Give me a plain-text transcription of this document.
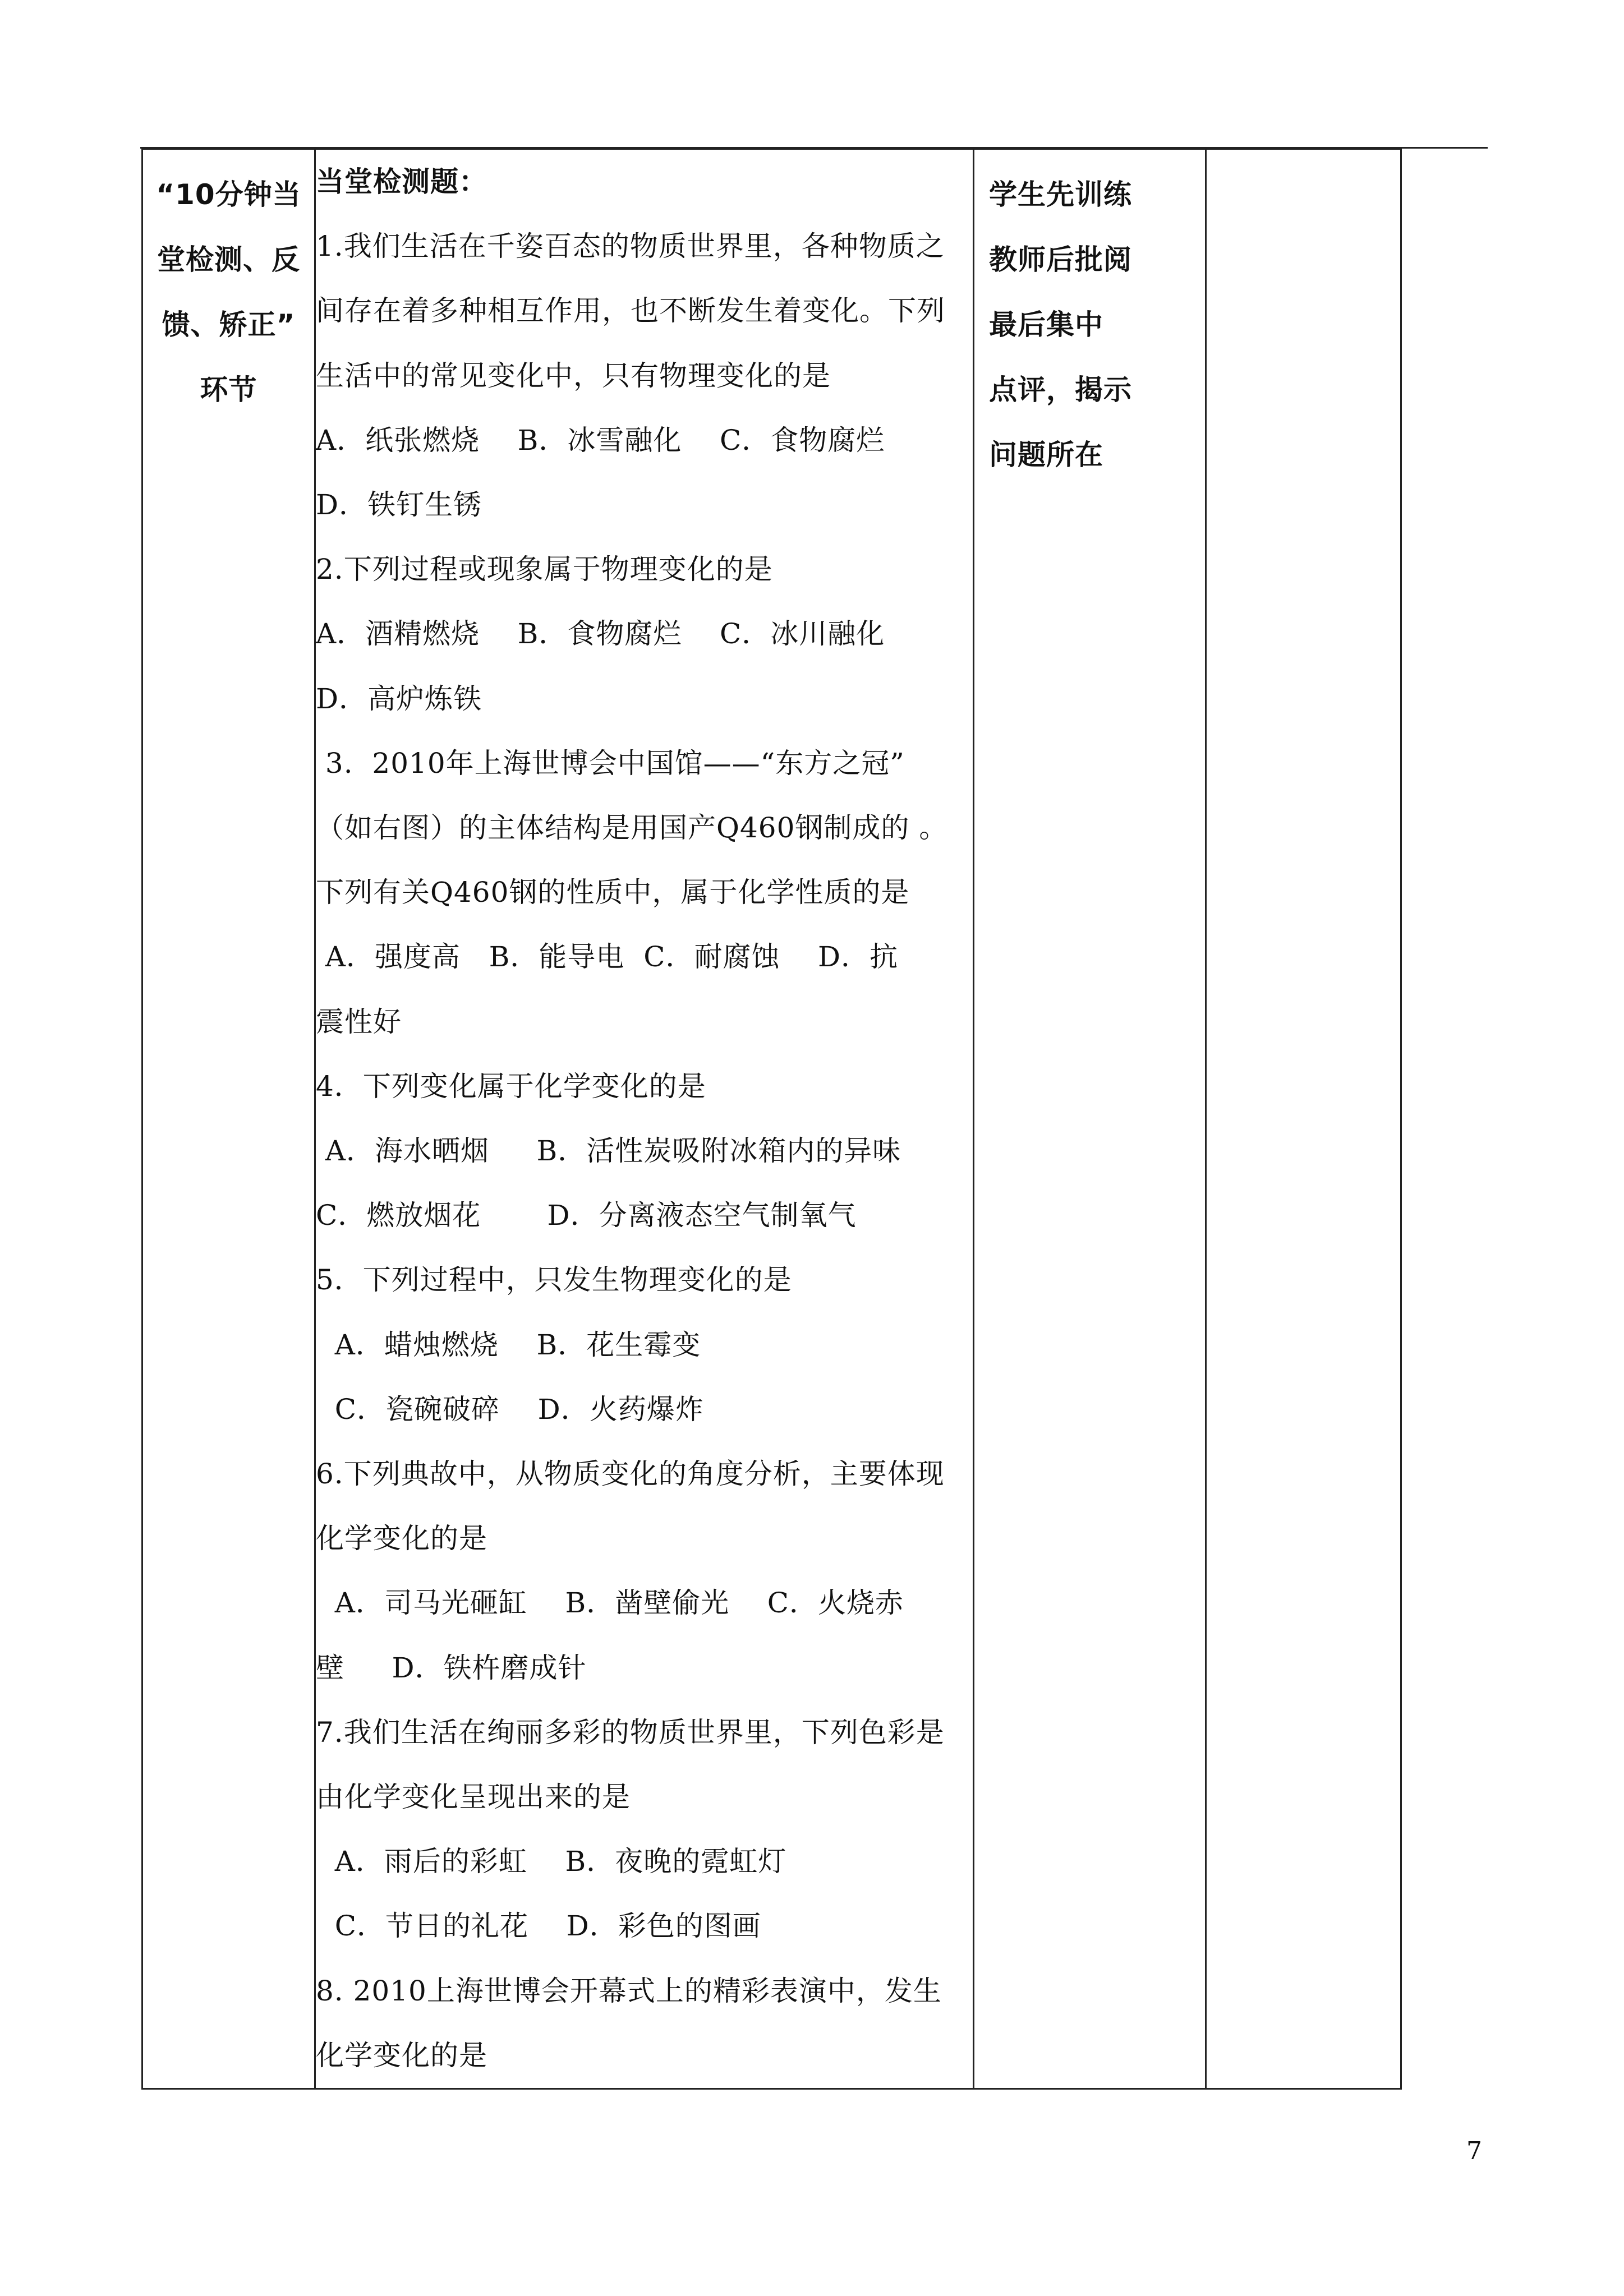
“10分钟当
堂检测、反
馈、矫正”
环节

当堂检测题：
1.我们生活在千姿百态的物质世界里，各种物质之
间存在着多种相互作用，也不断发生着变化。下列
生活中的常见变化中，只有物理变化的是
A．纸张燃烧    B．冰雪融化    C．食物腐烂
D．铁钉生锈
2.下列过程或现象属于物理变化的是
A．酒精燃烧    B．食物腐烂    C．冰川融化
D．高炉炼铁
3.  2010年上海世博会中国馆——“东方之冠”
（如右图）的主体结构是用国产Q460钢制成的 。
下列有关Q460钢的性质中，属于化学性质的是
A．强度高   B．能导电  C．耐腐蚀    D．抗
震性好
4．下列变化属于化学变化的是
A．海水晒烟     B．活性炭吸附冰箱内的异味
C．燃放烟花       D．分离液态空气制氧气
5．下列过程中，只发生物理变化的是
A．蜡烛燃烧    B．花生霉变
C．瓷碗破碎    D．火药爆炸
6.下列典故中，从物质变化的角度分析，主要体现
化学变化的是
A．司马光砸缸    B．凿壁偷光    C．火烧赤
壁     D．铁杵磨成针
7.我们生活在绚丽多彩的物质世界里，下列色彩是
由化学变化呈现出来的是
A．雨后的彩虹    B．夜晚的霓虹灯
C．节日的礼花    D．彩色的图画
8. 2010上海世博会开幕式上的精彩表演中，发生
化学变化的是

学生先训练
教师后批阅
最后集中
点评，揭示
问题所在

7
